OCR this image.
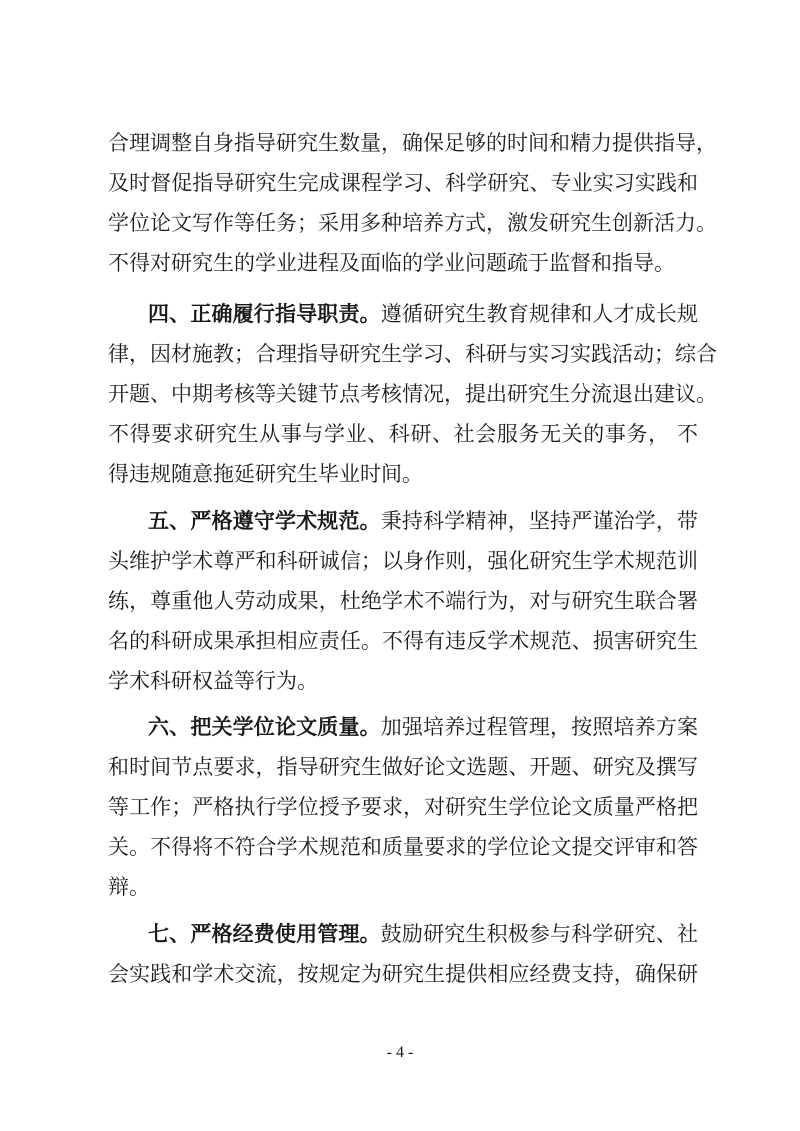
合理调整自身指导研究生数量，确保足够的时间和精力提供指导，
及时督促指导研究生完成课程学习、科学研究、专业实习实践和
学位论文写作等任务；采用多种培养方式，激发研究生创新活力。
不得对研究生的学业进程及面临的学业问题疏于监督和指导。
四、正确履行指导职责。遵循研究生教育规律和人才成长规
律，因材施教；合理指导研究生学习、科研与实习实践活动；综合
开题、中期考核等关键节点考核情况，提出研究生分流退出建议。
不得要求研究生从事与学业、科研、社会服务无关的事务， 不
得违规随意拖延研究生毕业时间。
五、严格遵守学术规范。秉持科学精神，坚持严谨治学，带
头维护学术尊严和科研诚信；以身作则，强化研究生学术规范训
练，尊重他人劳动成果，杜绝学术不端行为，对与研究生联合署
名的科研成果承担相应责任。不得有违反学术规范、损害研究生
学术科研权益等行为。
六、把关学位论文质量。加强培养过程管理，按照培养方案
和时间节点要求，指导研究生做好论文选题、开题、研究及撰写
等工作；严格执行学位授予要求，对研究生学位论文质量严格把
关。不得将不符合学术规范和质量要求的学位论文提交评审和答
辩。
七、严格经费使用管理。鼓励研究生积极参与科学研究、社
会实践和学术交流，按规定为研究生提供相应经费支持，确保研
- 4 -
